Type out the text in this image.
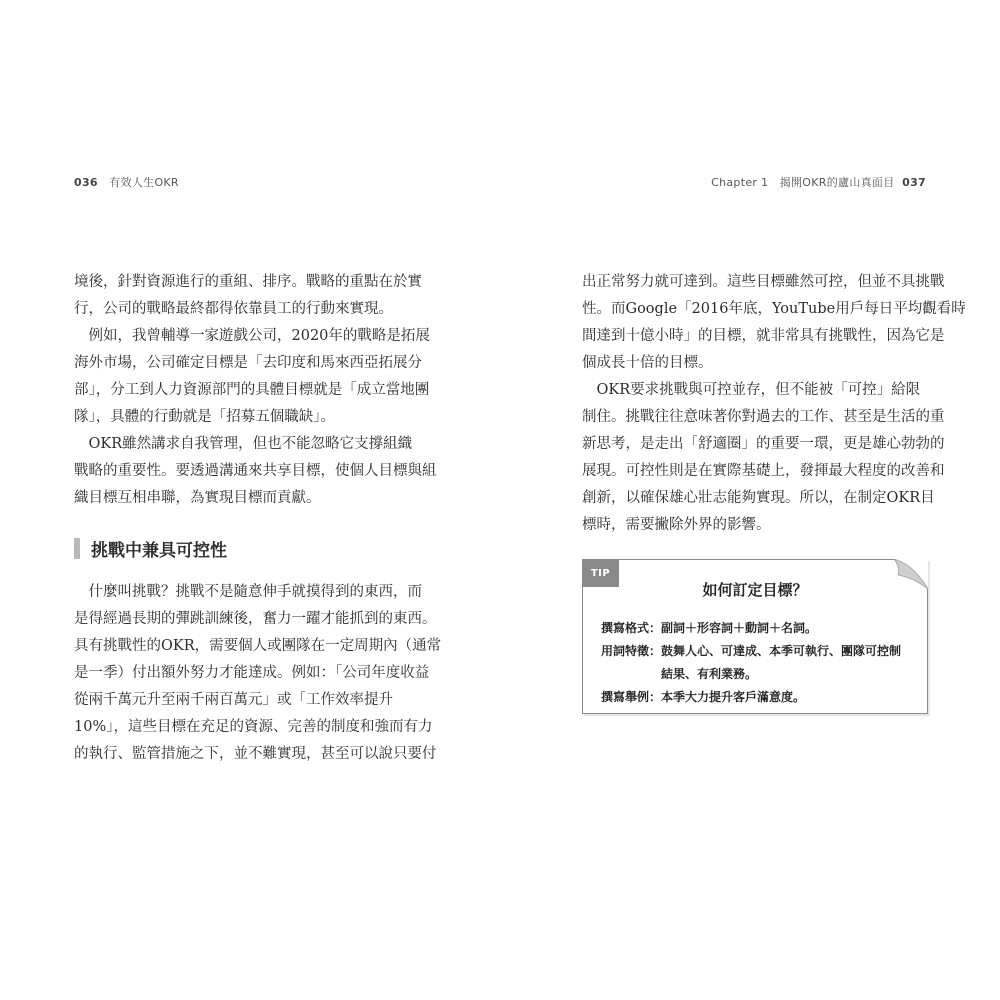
036 有效人生OKR
境後，針對資源進行的重組、排序。戰略的重點在於實
行，公司的戰略最終都得依靠員工的行動來實現。
　例如，我曾輔導一家遊戲公司，2020年的戰略是拓展
海外市場，公司確定目標是「去印度和馬來西亞拓展分
部」，分工到人力資源部門的具體目標就是「成立當地團
隊」，具體的行動就是「招募五個職缺」。
　OKR雖然講求自我管理，但也不能忽略它支撐組織
戰略的重要性。要透過溝通來共享目標，使個人目標與組
織目標互相串聯，為實現目標而貢獻。
挑戰中兼具可控性
　什麼叫挑戰？挑戰不是隨意伸手就摸得到的東西，而
是得經過長期的彈跳訓練後，奮力一躍才能抓到的東西。
具有挑戰性的OKR，需要個人或團隊在一定周期內（通常
是一季）付出額外努力才能達成。例如：「公司年度收益
從兩千萬元升至兩千兩百萬元」或「工作效率提升
10%」，這些目標在充足的資源、完善的制度和強而有力
的執行、監管措施之下，並不難實現，甚至可以說只要付
Chapter 1 揭開OKR的廬山真面目 037
出正常努力就可達到。這些目標雖然可控，但並不具挑戰
性。而Google「2016年底，YouTube用戶每日平均觀看時
間達到十億小時」的目標，就非常具有挑戰性，因為它是
個成長十倍的目標。
　OKR要求挑戰與可控並存，但不能被「可控」給限
制住。挑戰往往意味著你對過去的工作、甚至是生活的重
新思考，是走出「舒適圈」的重要一環，更是雄心勃勃的
展現。可控性則是在實際基礎上，發揮最大程度的改善和
創新，以確保雄心壯志能夠實現。所以，在制定OKR目
標時，需要撇除外界的影響。
TIP
如何訂定目標？
撰寫格式：副詞＋形容詞＋動詞＋名詞。
用詞特徵：鼓舞人心、可達成、本季可執行、團隊可控制
結果、有利業務。
撰寫舉例：本季大力提升客戶滿意度。
